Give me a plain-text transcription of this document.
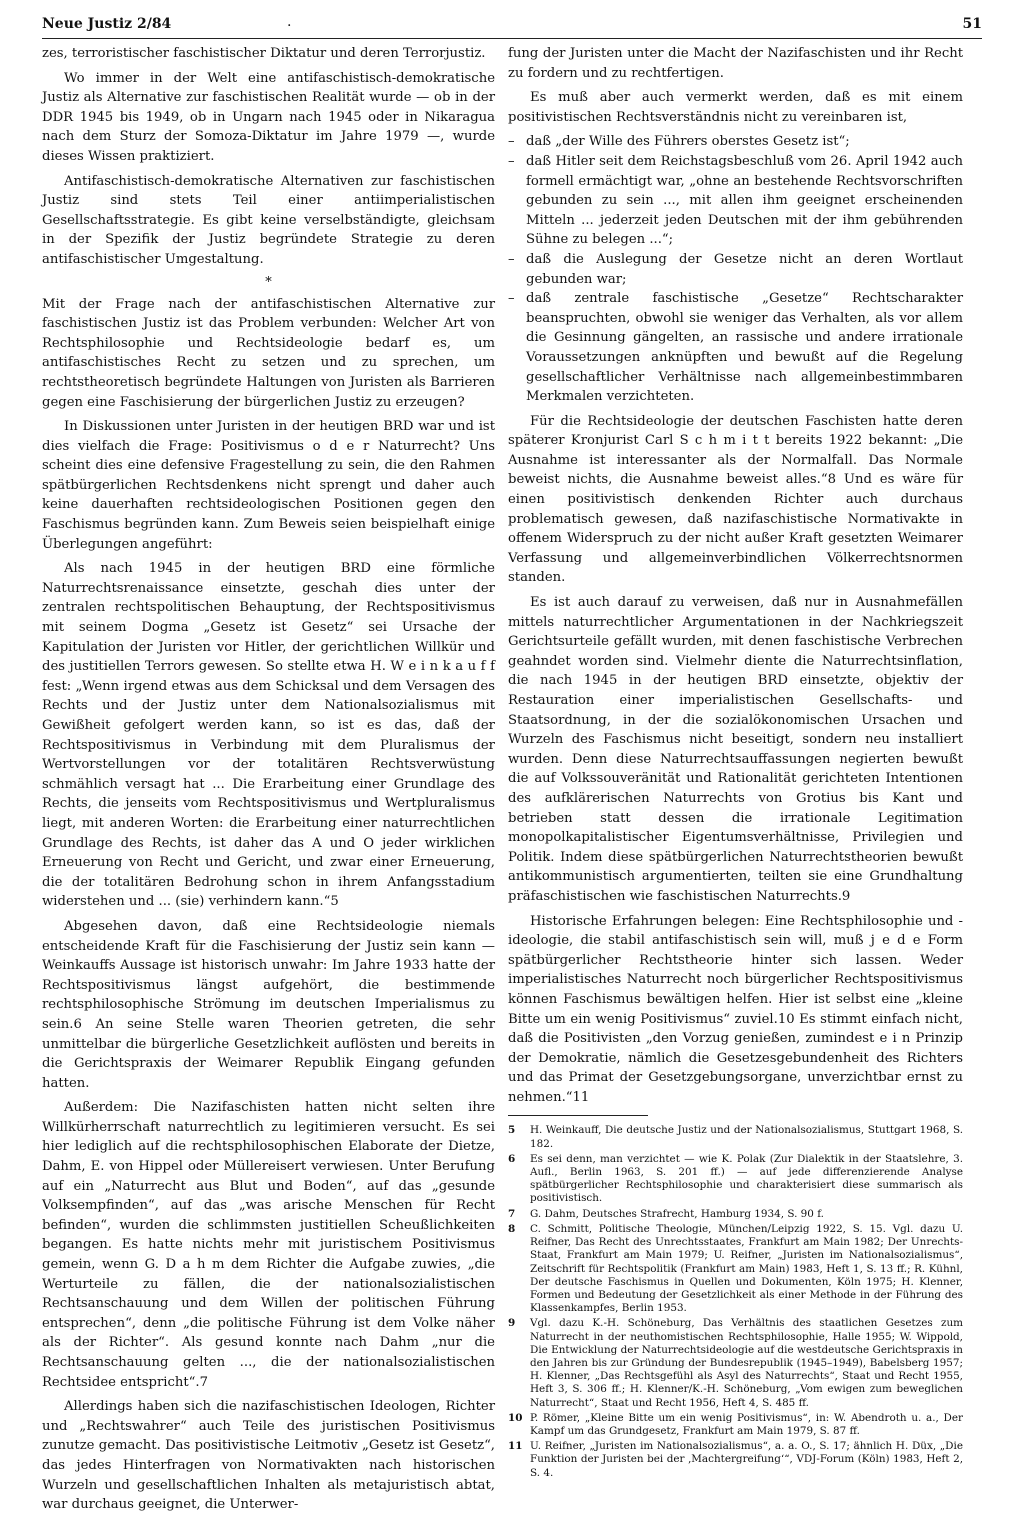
Neue Justiz 2/84	.	51

zes, terroristischer faschistischer Diktatur und deren Terrorjustiz.

Wo immer in der Welt eine antifaschistisch-demokratische Justiz als Alternative zur faschistischen Realität wurde — ob in der DDR 1945 bis 1949, ob in Ungarn nach 1945 oder in Nikaragua nach dem Sturz der Somoza-Diktatur im Jahre 1979 —, wurde dieses Wissen praktiziert.

Antifaschistisch-demokratische Alternativen zur faschistischen Justiz sind stets Teil einer antiimperialistischen Gesellschaftsstrategie. Es gibt keine verselbständigte, gleichsam in der Spezifik der Justiz begründete Strategie zu deren antifaschistischer Umgestaltung.

*

Mit der Frage nach der antifaschistischen Alternative zur faschistischen Justiz ist das Problem verbunden: Welcher Art von Rechtsphilosophie und Rechtsideologie bedarf es, um antifaschistisches Recht zu setzen und zu sprechen, um rechtstheoretisch begründete Haltungen von Juristen als Barrieren gegen eine Faschisierung der bürgerlichen Justiz zu erzeugen?

In Diskussionen unter Juristen in der heutigen BRD war und ist dies vielfach die Frage: Positivismus o d e r Naturrecht? Uns scheint dies eine defensive Fragestellung zu sein, die den Rahmen spätbürgerlichen Rechtsdenkens nicht sprengt und daher auch keine dauerhaften rechtsideologischen Positionen gegen den Faschismus begründen kann. Zum Beweis seien beispielhaft einige Überlegungen angeführt:

Als nach 1945 in der heutigen BRD eine förmliche Naturrechtsrenaissance einsetzte, geschah dies unter der zentralen rechtspolitischen Behauptung, der Rechtspositivismus mit seinem Dogma „Gesetz ist Gesetz“ sei Ursache der Kapitulation der Juristen vor Hitler, der gerichtlichen Willkür und des justitiellen Terrors gewesen. So stellte etwa H. W e i n k a u f f fest: „Wenn irgend etwas aus dem Schicksal und dem Versagen des Rechts und der Justiz unter dem Nationalsozialismus mit Gewißheit gefolgert werden kann, so ist es das, daß der Rechtspositivismus in Verbindung mit dem Pluralismus der Wertvorstellungen vor der totalitären Rechtsverwüstung schmählich versagt hat ... Die Erarbeitung einer Grundlage des Rechts, die jenseits vom Rechtspositivismus und Wertpluralismus liegt, mit anderen Worten: die Erarbeitung einer naturrechtlichen Grundlage des Rechts, ist daher das A und O jeder wirklichen Erneuerung von Recht und Gericht, und zwar einer Erneuerung, die der totalitären Bedrohung schon in ihrem Anfangsstadium widerstehen und ... (sie) verhindern kann.“5

Abgesehen davon, daß eine Rechtsideologie niemals entscheidende Kraft für die Faschisierung der Justiz sein kann — Weinkauffs Aussage ist historisch unwahr: Im Jahre 1933 hatte der Rechtspositivismus längst aufgehört, die bestimmende rechtsphilosophische Strömung im deutschen Imperialismus zu sein.6 An seine Stelle waren Theorien getreten, die sehr unmittelbar die bürgerliche Gesetzlichkeit auflösten und bereits in die Gerichtspraxis der Weimarer Republik Eingang gefunden hatten.

Außerdem: Die Nazifaschisten hatten nicht selten ihre Willkürherrschaft naturrechtlich zu legitimieren versucht. Es sei hier lediglich auf die rechtsphilosophischen Elaborate der Dietze, Dahm, E. von Hippel oder Müllereisert verwiesen. Unter Berufung auf ein „Naturrecht aus Blut und Boden“, auf das „gesunde Volksempfinden“, auf das „was arische Menschen für Recht befinden“, wurden die schlimmsten justitiellen Scheußlichkeiten begangen. Es hatte nichts mehr mit juristischem Positivismus gemein, wenn G. D a h m dem Richter die Aufgabe zuwies, „die Werturteile zu fällen, die der nationalsozialistischen Rechtsanschauung und dem Willen der politischen Führung entsprechen“, denn „die politische Führung ist dem Volke näher als der Richter“. Als gesund konnte nach Dahm „nur die Rechtsanschauung gelten ..., die der nationalsozialistischen Rechtsidee entspricht“.7

Allerdings haben sich die nazifaschistischen Ideologen, Richter und „Rechtswahrer“ auch Teile des juristischen Positivismus zunutze gemacht. Das positivistische Leitmotiv „Gesetz ist Gesetz“, das jedes Hinterfragen von Normativakten nach historischen Wurzeln und gesellschaftlichen Inhalten als metajuristisch abtat, war durchaus geeignet, die Unterwer-

fung der Juristen unter die Macht der Nazifaschisten und ihr Recht zu fordern und zu rechtfertigen.

Es muß aber auch vermerkt werden, daß es mit einem positivistischen Rechtsverständnis nicht zu vereinbaren ist,

– daß „der Wille des Führers oberstes Gesetz ist“;
– daß Hitler seit dem Reichstagsbeschluß vom 26. April 1942 auch formell ermächtigt war, „ohne an bestehende Rechtsvorschriften gebunden zu sein ..., mit allen ihm geeignet erscheinenden Mitteln ... jederzeit jeden Deutschen mit der ihm gebührenden Sühne zu belegen ...“;
– daß die Auslegung der Gesetze nicht an deren Wortlaut gebunden war;
– daß zentrale faschistische „Gesetze“ Rechtscharakter beanspruchten, obwohl sie weniger das Verhalten, als vor allem die Gesinnung gängelten, an rassische und andere irrationale Voraussetzungen anknüpften und bewußt auf die Regelung gesellschaftlicher Verhältnisse nach allgemeinbestimmbaren Merkmalen verzichteten.

Für die Rechtsideologie der deutschen Faschisten hatte deren späterer Kronjurist Carl S c h m i t t bereits 1922 bekannt: „Die Ausnahme ist interessanter als der Normalfall. Das Normale beweist nichts, die Ausnahme beweist alles.“8 Und es wäre für einen positivistisch denkenden Richter auch durchaus problematisch gewesen, daß nazifaschistische Normativakte in offenem Widerspruch zu der nicht außer Kraft gesetzten Weimarer Verfassung und allgemeinverbindlichen Völkerrechtsnormen standen.

Es ist auch darauf zu verweisen, daß nur in Ausnahmefällen mittels naturrechtlicher Argumentationen in der Nachkriegszeit Gerichtsurteile gefällt wurden, mit denen faschistische Verbrechen geahndet worden sind. Vielmehr diente die Naturrechtsinflation, die nach 1945 in der heutigen BRD einsetzte, objektiv der Restauration einer imperialistischen Gesellschafts- und Staatsordnung, in der die sozialökonomischen Ursachen und Wurzeln des Faschismus nicht beseitigt, sondern neu installiert wurden. Denn diese Naturrechtsauffassungen negierten bewußt die auf Volkssouveränität und Rationalität gerichteten Intentionen des aufklärerischen Naturrechts von Grotius bis Kant und betrieben statt dessen die irrationale Legitimation monopolkapitalistischer Eigentumsverhältnisse, Privilegien und Politik. Indem diese spätbürgerlichen Naturrechtstheorien bewußt antikommunistisch argumentierten, teilten sie eine Grundhaltung präfaschistischen wie faschistischen Naturrechts.9

Historische Erfahrungen belegen: Eine Rechtsphilosophie und -ideologie, die stabil antifaschistisch sein will, muß j e d e Form spätbürgerlicher Rechtstheorie hinter sich lassen. Weder imperialistisches Naturrecht noch bürgerlicher Rechtspositivismus können Faschismus bewältigen helfen. Hier ist selbst eine „kleine Bitte um ein wenig Positivismus“ zuviel.10 Es stimmt einfach nicht, daß die Positivisten „den Vorzug genießen, zumindest e i n Prinzip der Demokratie, nämlich die Gesetzesgebundenheit des Richters und das Primat der Gesetzgebungsorgane, unverzichtbar ernst zu nehmen.“11

5	H. Weinkauff, Die deutsche Justiz und der Nationalsozialismus, Stuttgart 1968, S. 182.
6	Es sei denn, man verzichtet — wie K. Polak (Zur Dialektik in der Staatslehre, 3. Aufl., Berlin 1963, S. 201 ff.) — auf jede differenzierende Analyse spätbürgerlicher Rechtsphilosophie und charakterisiert diese summarisch als positivistisch.
7	G. Dahm, Deutsches Strafrecht, Hamburg 1934, S. 90 f.
8	C. Schmitt, Politische Theologie, München/Leipzig 1922, S. 15. Vgl. dazu U. Reifner, Das Recht des Unrechtsstaates, Frankfurt am Main 1982; Der Unrechts-Staat, Frankfurt am Main 1979; U. Reifner, „Juristen im Nationalsozialismus“, Zeitschrift für Rechtspolitik (Frankfurt am Main) 1983, Heft 1, S. 13 ff.; R. Kühnl, Der deutsche Faschismus in Quellen und Dokumenten, Köln 1975; H. Klenner, Formen und Bedeutung der Gesetzlichkeit als einer Methode in der Führung des Klassenkampfes, Berlin 1953.
9	Vgl. dazu K.-H. Schöneburg, Das Verhältnis des staatlichen Gesetzes zum Naturrecht in der neuthomistischen Rechtsphilosophie, Halle 1955; W. Wippold, Die Entwicklung der Naturrechtsideologie auf die westdeutsche Gerichtspraxis in den Jahren bis zur Gründung der Bundesrepublik (1945–1949), Babelsberg 1957; H. Klenner, „Das Rechtsgefühl als Asyl des Naturrechts“, Staat und Recht 1955, Heft 3, S. 306 ff.; H. Klenner/K.-H. Schöneburg, „Vom ewigen zum beweglichen Naturrecht“, Staat und Recht 1956, Heft 4, S. 485 ff.
10 P. Römer, „Kleine Bitte um ein wenig Positivismus“, in: W. Abendroth u. a., Der Kampf um das Grundgesetz, Frankfurt am Main 1979, S. 87 ff.
11 U. Reifner, „Juristen im Nationalsozialismus“, a. a. O., S. 17; ähnlich H. Düx, „Die Funktion der Juristen bei der ‚Machtergreifung‘“, VDJ-Forum (Köln) 1983, Heft 2, S. 4.
